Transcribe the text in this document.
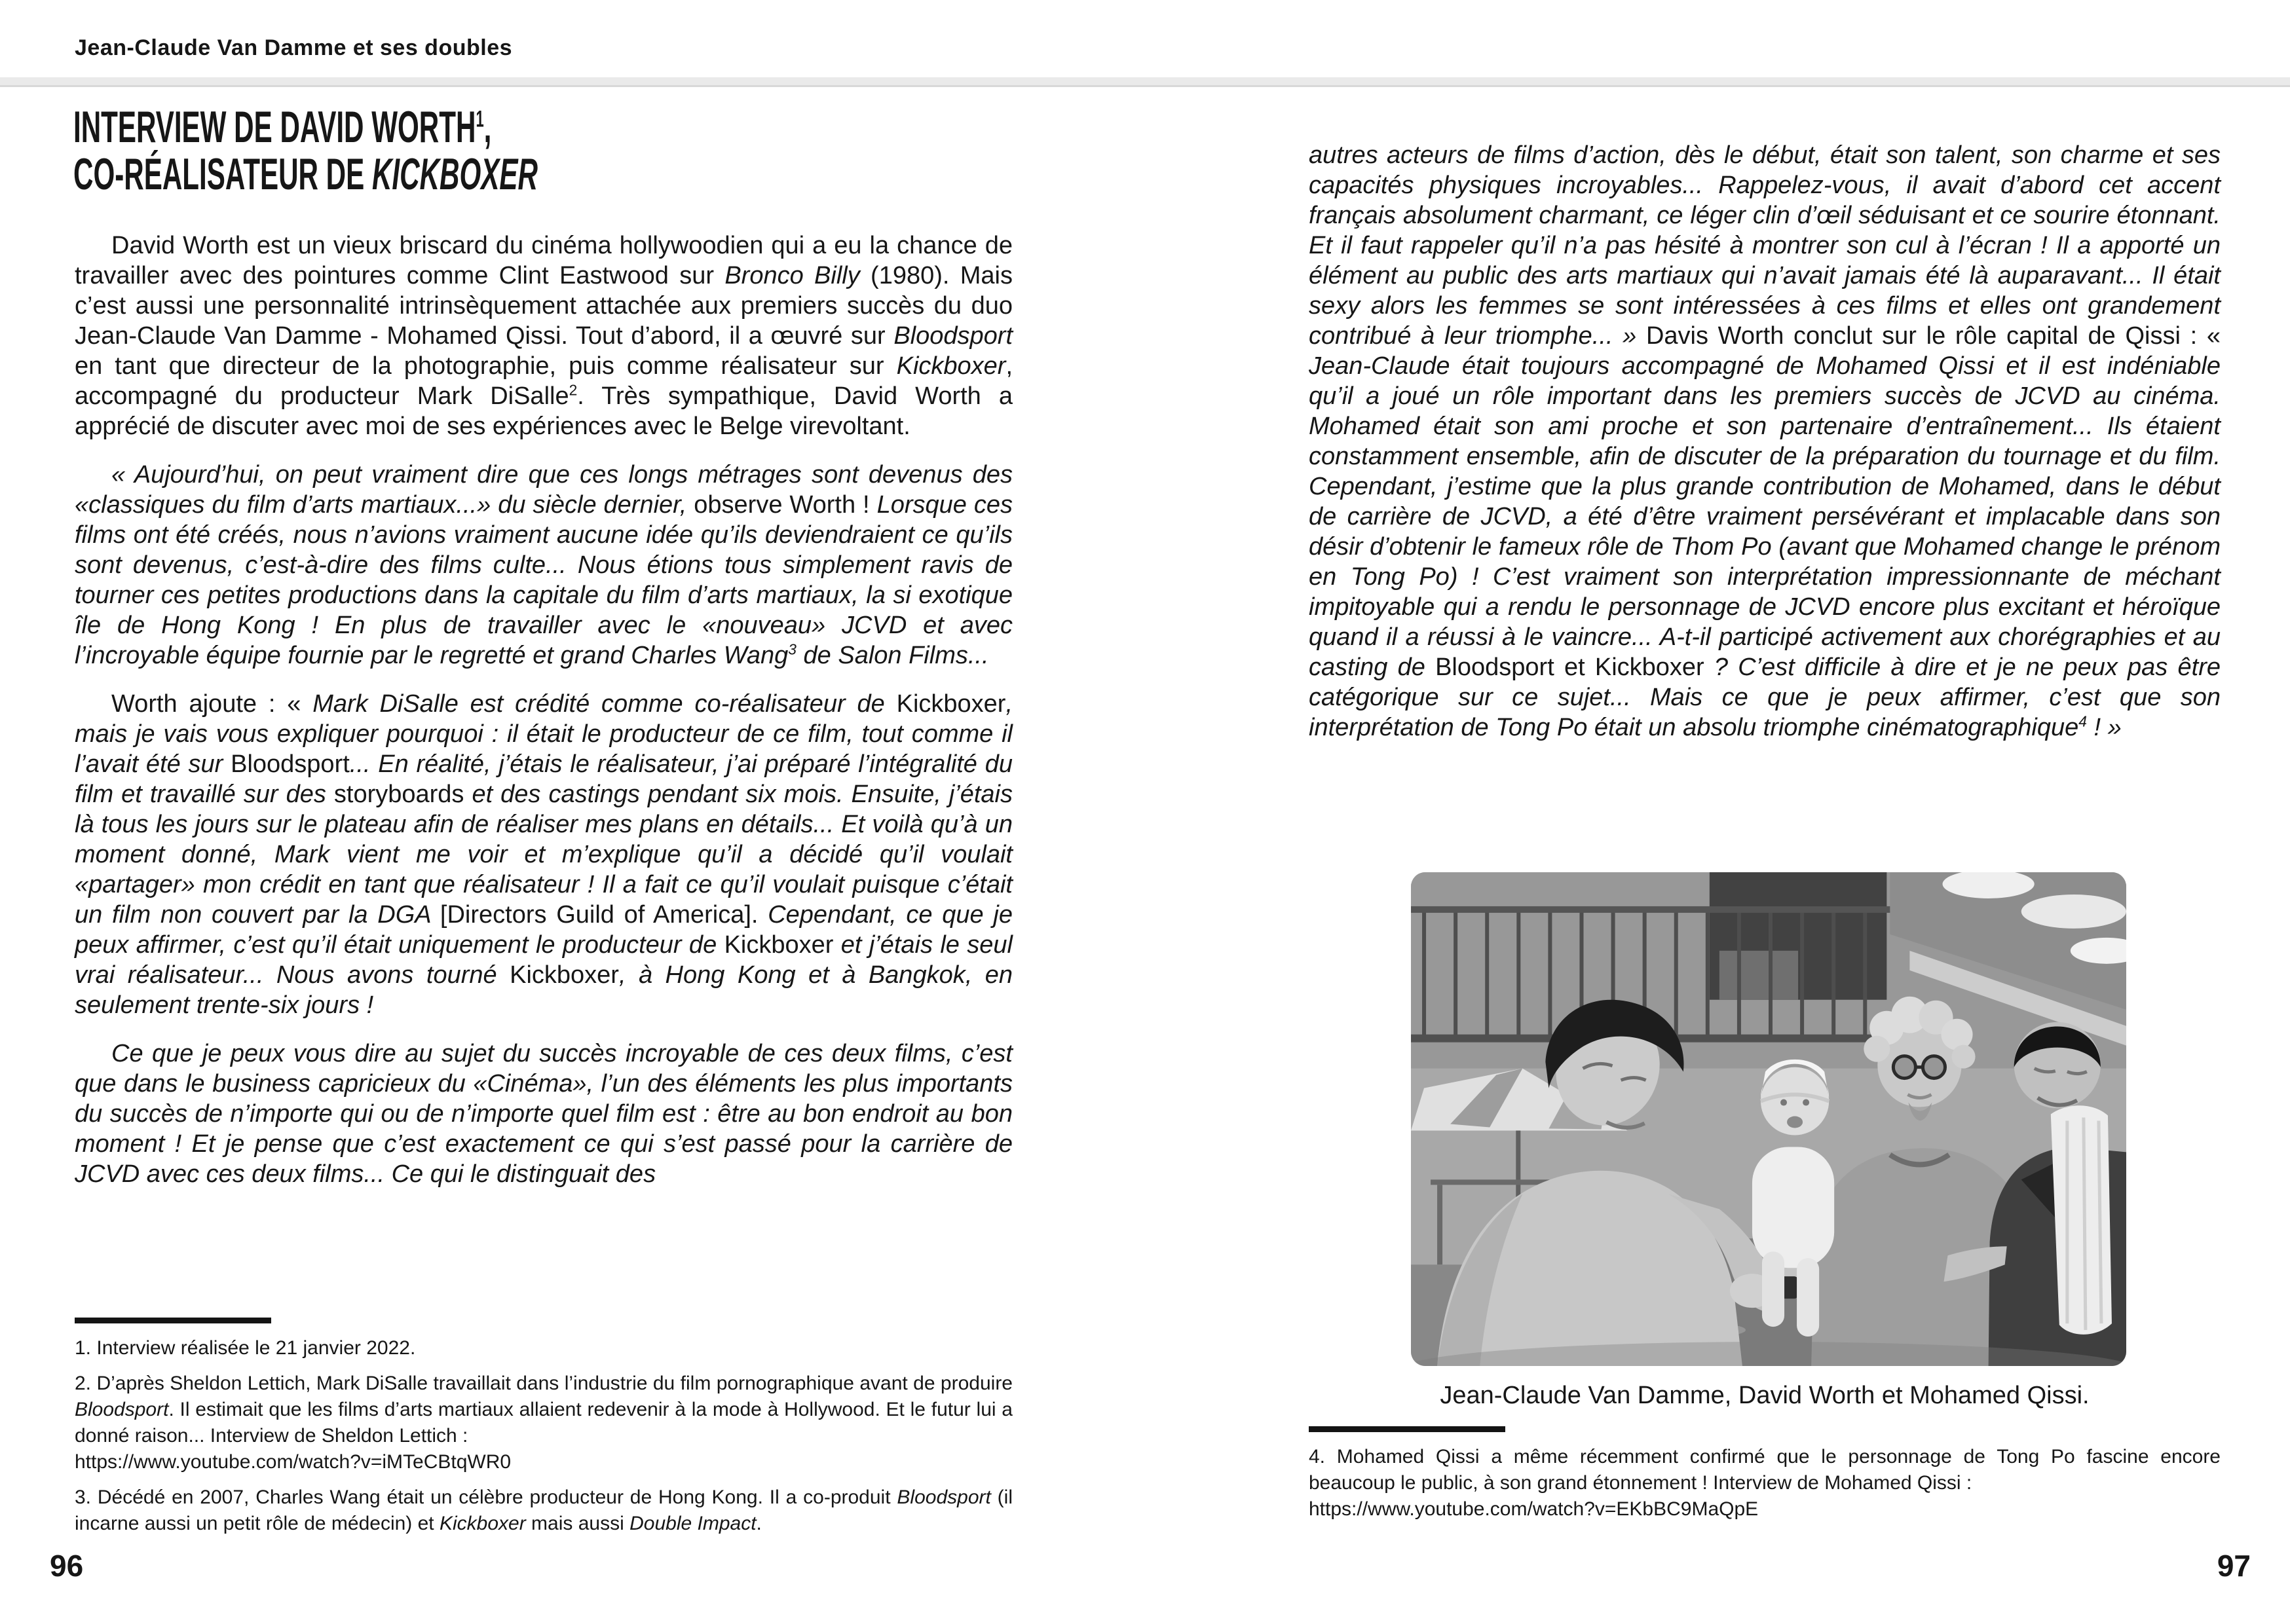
Jean-Claude Van Damme et ses doubles
INTERVIEW DE DAVID WORTH$^1$,
CO-RÉALISATEUR DE KICKBOXER

David Worth est un vieux briscard du cinéma hollywoodien qui a eu la chance de travailler avec des pointures comme Clint Eastwood sur Bronco Billy (1980). Mais c’est aussi une personnalité intrinsèquement attachée aux premiers succès du duo Jean-Claude Van Damme - Mohamed Qissi. Tout d’abord, il a œuvré sur Bloodsport en tant que directeur de la photographie, puis comme réalisateur sur Kickboxer, accompagné du producteur Mark DiSalle$^2$. Très sympathique, David Worth a apprécié de discuter avec moi de ses expériences avec le Belge virevoltant.

« Aujourd’hui, on peut vraiment dire que ces longs métrages sont devenus des «classiques du film d’arts martiaux...» du siècle dernier, observe Worth ! Lorsque ces films ont été créés, nous n’avions vraiment aucune idée qu’ils deviendraient ce qu’ils sont devenus, c’est-à-dire des films culte... Nous étions tous simplement ravis de tourner ces petites productions dans la capitale du film d’arts martiaux, la si exotique île de Hong Kong ! En plus de travailler avec le «nouveau» JCVD et avec l’incroyable équipe fournie par le regretté et grand Charles Wang$^3$ de Salon Films...

Worth ajoute : « Mark DiSalle est crédité comme co-réalisateur de Kickboxer, mais je vais vous expliquer pourquoi : il était le producteur de ce film, tout comme il l’avait été sur Bloodsport... En réalité, j’étais le réalisateur, j’ai préparé l’intégralité du film et travaillé sur des storyboards et des castings pendant six mois. Ensuite, j’étais là tous les jours sur le plateau afin de réaliser mes plans en détails... Et voilà qu’à un moment donné, Mark vient me voir et m’explique qu’il a décidé qu’il voulait «partager» mon crédit en tant que réalisateur ! Il a fait ce qu’il voulait puisque c’était un film non couvert par la DGA [Directors Guild of America]. Cependant, ce que je peux affirmer, c’est qu’il était uniquement le producteur de Kickboxer et j’étais le seul vrai réalisateur... Nous avons tourné Kickboxer, à Hong Kong et à Bangkok, en seulement trente-six jours !

Ce que je peux vous dire au sujet du succès incroyable de ces deux films, c’est que dans le business capricieux du «Cinéma», l’un des éléments les plus importants du succès de n’importe qui ou de n’importe quel film est : être au bon endroit au bon moment ! Et je pense que c’est exactement ce qui s’est passé pour la carrière de JCVD avec ces deux films... Ce qui le distinguait des

1. Interview réalisée le 21 janvier 2022.

2. D’après Sheldon Lettich, Mark DiSalle travaillait dans l’industrie du film pornographique avant de produire Bloodsport. Il estimait que les films d’arts martiaux allaient redevenir à la mode à Hollywood. Et le futur lui a donné raison... Interview de Sheldon Lettich :

https://www.youtube.com/watch?v=iMTeCBtqWR0

3. Décédé en 2007, Charles Wang était un célèbre producteur de Hong Kong. Il a co-produit Bloodsport (il incarne aussi un petit rôle de médecin) et Kickboxer mais aussi Double Impact.

96

autres acteurs de films d’action, dès le début, était son talent, son charme et ses capacités physiques incroyables... Rappelez-vous, il avait d’abord cet accent français absolument charmant, ce léger clin d’œil séduisant et ce sourire étonnant. Et il faut rappeler qu’il n’a pas hésité à montrer son cul à l’écran ! Il a apporté un élément au public des arts martiaux qui n’avait jamais été là auparavant... Il était sexy alors les femmes se sont intéressées à ces films et elles ont grandement contribué à leur triomphe... » Davis Worth conclut sur le rôle capital de Qissi : « Jean-Claude était toujours accompagné de Mohamed Qissi et il est indéniable qu’il a joué un rôle important dans les premiers succès de JCVD au cinéma. Mohamed était son ami proche et son partenaire d’entraînement... Ils étaient constamment ensemble, afin de discuter de la préparation du tournage et du film. Cependant, j’estime que la plus grande contribution de Mohamed, dans le début de carrière de JCVD, a été d’être vraiment persévérant et implacable dans son désir d’obtenir le fameux rôle de Thom Po (avant que Mohamed change le prénom en Tong Po) ! C’est vraiment son interprétation impressionnante de méchant impitoyable qui a rendu le personnage de JCVD encore plus excitant et héroïque quand il a réussi à le vaincre... A-t-il participé activement aux chorégraphies et au casting de Bloodsport et Kickboxer ? C’est difficile à dire et je ne peux pas être catégorique sur ce sujet... Mais ce que je peux affirmer, c’est que son interprétation de Tong Po était un absolu triomphe cinématographique$^4$ ! »

Jean-Claude Van Damme, David Worth et Mohamed Qissi.

4. Mohamed Qissi a même récemment confirmé que le personnage de Tong Po fascine encore beaucoup le public, à son grand étonnement ! Interview de Mohamed Qissi :

https://www.youtube.com/watch?v=EKbBC9MaQpE

97
